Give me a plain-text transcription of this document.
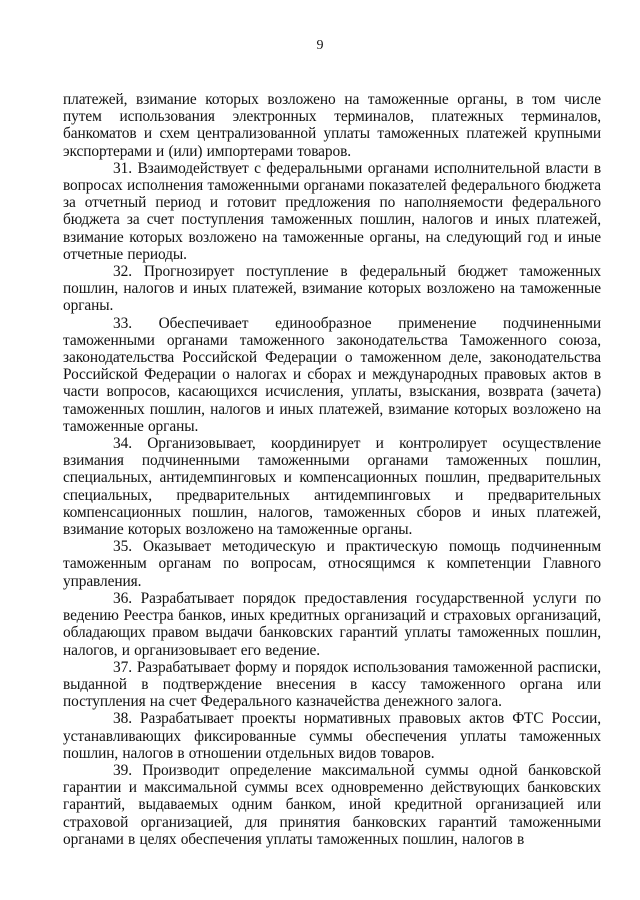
9

платежей, взимание которых возложено на таможенные органы, в том числе путем использования электронных терминалов, платежных терминалов, банкоматов и схем централизованной уплаты таможенных платежей крупными экспортерами и (или) импортерами товаров.

31. Взаимодействует с федеральными органами исполнительной власти в вопросах исполнения таможенными органами показателей федерального бюджета за отчетный период и готовит предложения по наполняемости федерального бюджета за счет поступления таможенных пошлин, налогов и иных платежей, взимание которых возложено на таможенные органы, на следующий год и иные отчетные периоды.

32. Прогнозирует поступление в федеральный бюджет таможенных пошлин, налогов и иных платежей, взимание которых возложено на таможенные органы.

33. Обеспечивает единообразное применение подчиненными таможенными органами таможенного законодательства Таможенного союза, законодательства Российской Федерации о таможенном деле, законодательства Российской Федерации о налогах и сборах и международных правовых актов в части вопросов, касающихся исчисления, уплаты, взыскания, возврата (зачета) таможенных пошлин, налогов и иных платежей, взимание которых возложено на таможенные органы.

34. Организовывает, координирует и контролирует осуществление взимания подчиненными таможенными органами таможенных пошлин, специальных, антидемпинговых и компенсационных пошлин, предварительных специальных, предварительных антидемпинговых и предварительных компенсационных пошлин, налогов, таможенных сборов и иных платежей, взимание которых возложено на таможенные органы.

35. Оказывает методическую и практическую помощь подчиненным таможенным органам по вопросам, относящимся к компетенции Главного управления.

36. Разрабатывает порядок предоставления государственной услуги по ведению Реестра банков, иных кредитных организаций и страховых организаций, обладающих правом выдачи банковских гарантий уплаты таможенных пошлин, налогов, и организовывает его ведение.

37. Разрабатывает форму и порядок использования таможенной расписки, выданной в подтверждение внесения в кассу таможенного органа или поступления на счет Федерального казначейства денежного залога.

38. Разрабатывает проекты нормативных правовых актов ФТС России, устанавливающих фиксированные суммы обеспечения уплаты таможенных пошлин, налогов в отношении отдельных видов товаров.

39. Производит определение максимальной суммы одной банковской гарантии и максимальной суммы всех одновременно действующих банковских гарантий, выдаваемых одним банком, иной кредитной организацией или страховой организацией, для принятия банковских гарантий таможенными органами в целях обеспечения уплаты таможенных пошлин, налогов в
